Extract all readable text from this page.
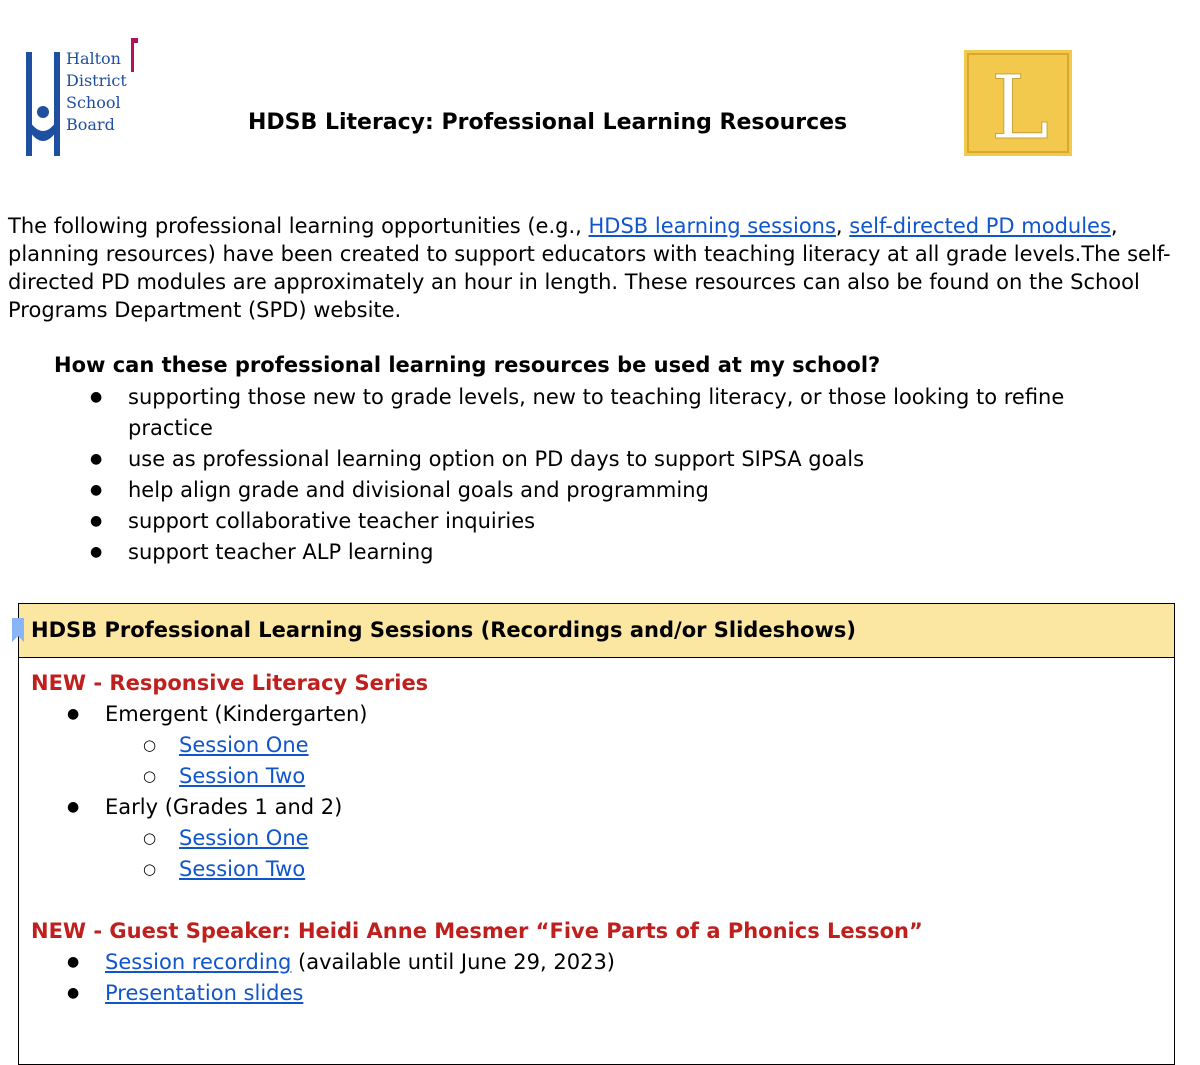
Halton
District
School
Board	HDSB Literacy: Professional Learning Resources L

The following professional learning opportunities (e.g., HDSB learning sessions, self-directed PD modules, planning resources) have been created to support educators with teaching literacy at all grade levels.The self-directed PD modules are approximately an hour in length. These resources can also be found on the School Programs Department (SPD) website.

How can these professional learning resources be used at my school?
● supporting those new to grade levels, new to teaching literacy, or those looking to refine practice
● use as professional learning option on PD days to support SIPSA goals
● help align grade and divisional goals and programming
● support collaborative teacher inquiries
● support teacher ALP learning
HDSB Professional Learning Sessions (Recordings and/or Slideshows)
NEW - Responsive Literacy Series
● Emergent (Kindergarten)
○ Session One
○ Session Two
● Early (Grades 1 and 2)
○ Session One
○ Session Two
NEW - Guest Speaker: Heidi Anne Mesmer “Five Parts of a Phonics Lesson”
● Session recording (available until June 29, 2023)
● Presentation slides
